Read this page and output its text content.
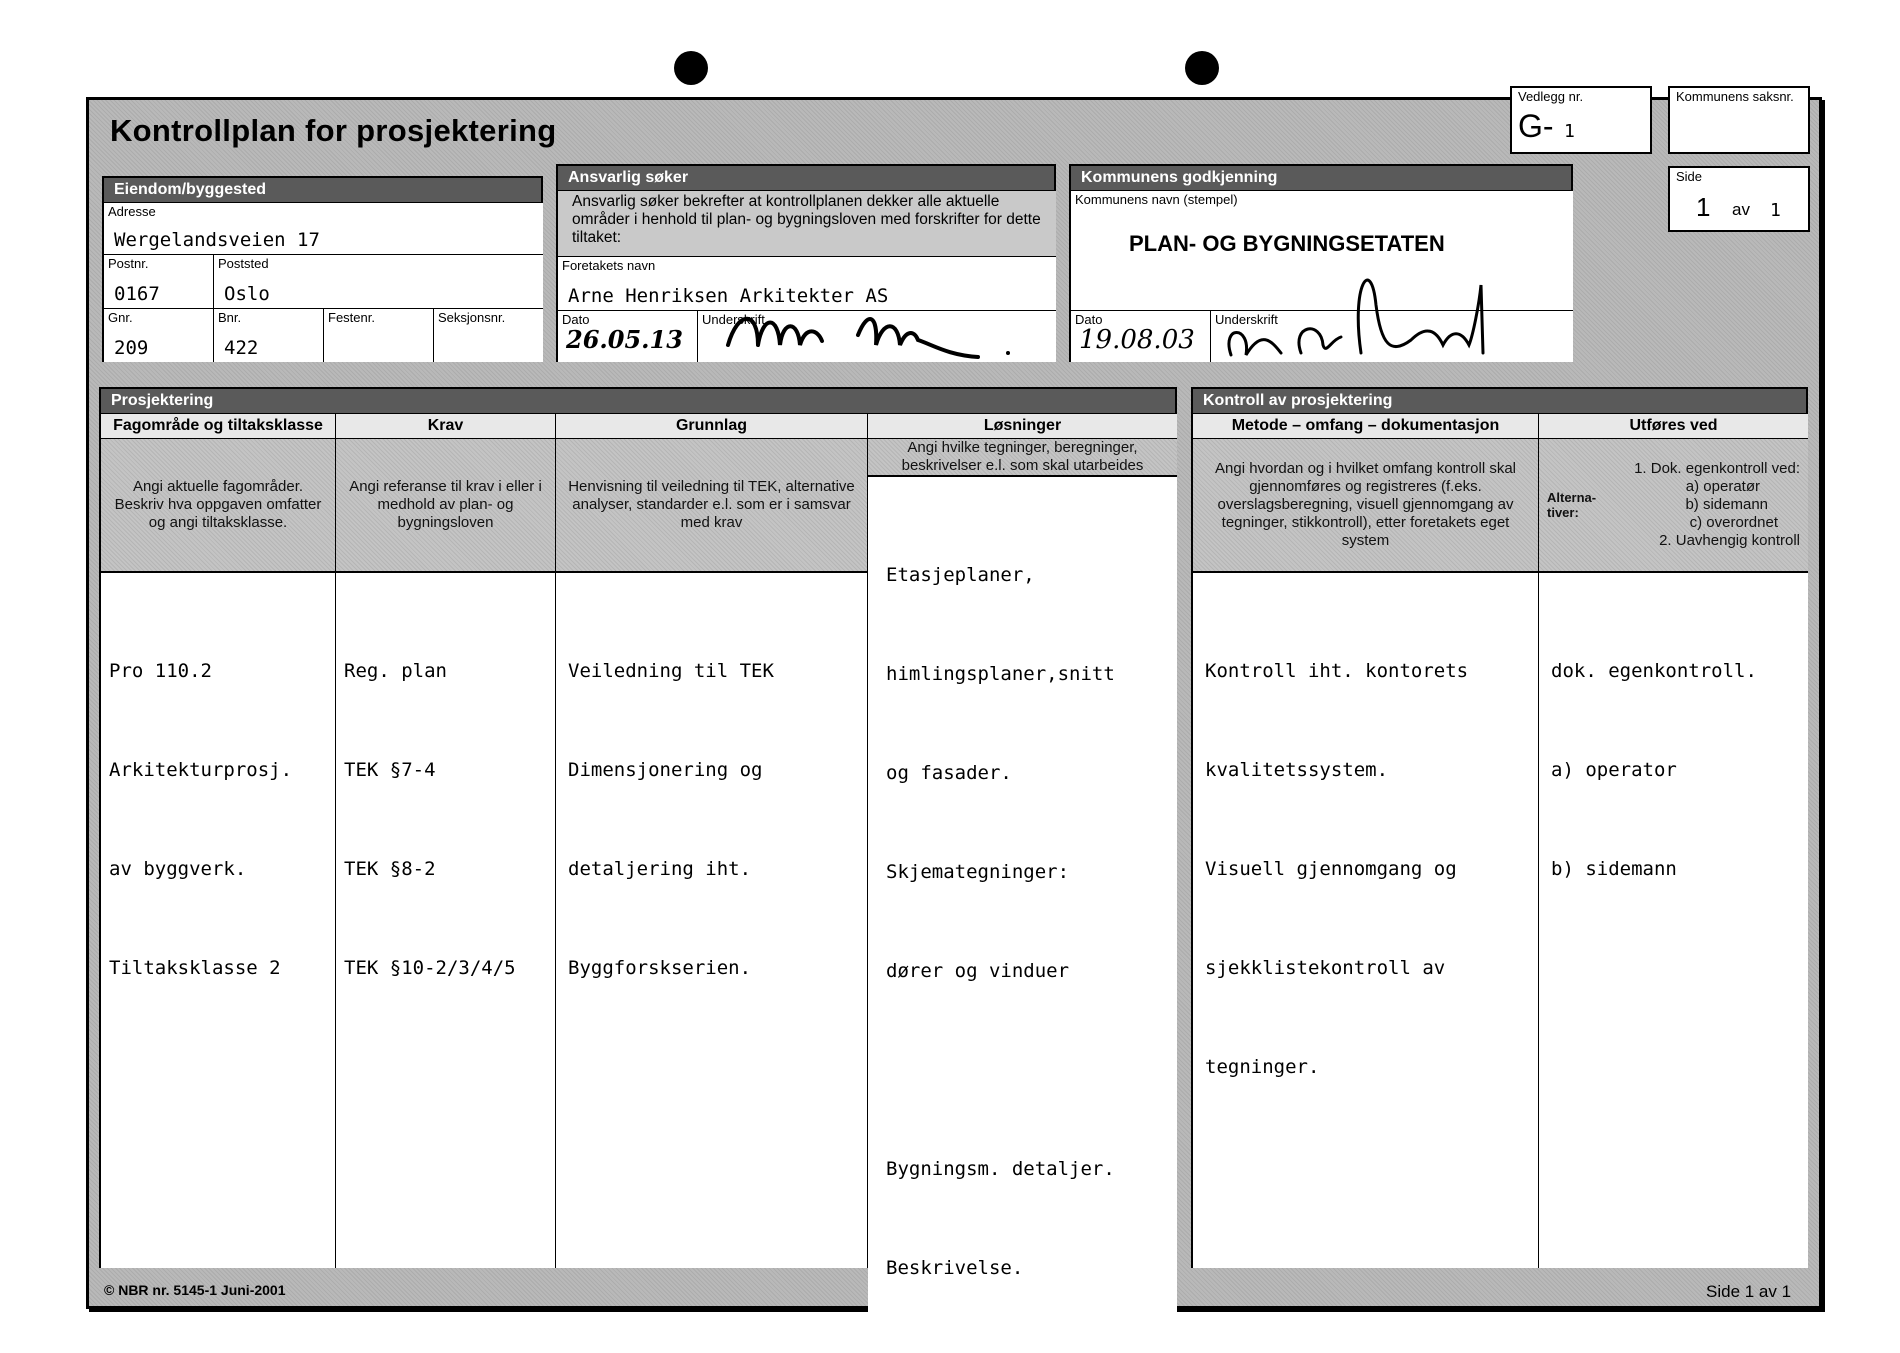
Kontrollplan for prosjektering
Vedlegg nr.
G- 1
Kommunens saksnr.
Side
1 av 1
Eiendom/byggested
Adresse
Wergelandsveien 17
Postnr.
0167
Poststed
Oslo
Gnr.
209
Bnr.
422
Festenr.	Seksjonsnr.
Ansvarlig søker
Ansvarlig søker bekrefter at kontrollplanen dekker alle aktuelle områder i henhold til plan- og bygningsloven med forskrifter for dette tiltaket:
Foretakets navn
Arne Henriksen Arkitekter AS
Dato
26.05.13
Underskrift
Kommunens godkjenning
Kommunens navn (stempel)
PLAN- OG BYGNINGSETATEN
Dato
19.08.03
Underskrift
Prosjektering
Fagområde og tiltaksklasse
Angi aktuelle fagområder. Beskriv hva oppgaven omfatter og angi tiltaksklasse.

Pro 110.2

Arkitekturprosj.

av byggverk.

Tiltaksklasse 2

Krav
Angi referanse til krav i eller i medhold av plan- og bygningsloven

Reg. plan

TEK §7-4

TEK §8-2

TEK §10-2/3/4/5

Grunnlag
Henvisning til veiledning til TEK, alternative analyser, standarder e.l. som er i samsvar med krav

Veiledning til TEK

Dimensjonering og

detaljering iht.

Byggforskserien.

Løsninger
Angi hvilke tegninger, beregninger, beskrivelser e.l. som skal utarbeides

Etasjeplaner,

himlingsplaner,snitt

og fasader.

Skjemategninger:

dører og vinduer

Bygningsm. detaljer.

Beskrivelse.

Kontroll av prosjektering
Metode – omfang – dokumentasjon
Angi hvordan og i hvilket omfang kontroll skal gjennomføres og registreres (f.eks. overslagsberegning, visuell gjennomgang av tegninger, stikkontroll), etter foretakets eget system

Kontroll iht. kontorets

kvalitetssystem.

Visuell gjennomgang og

sjekklistekontroll av

tegninger.

Utføres ved
Alterna- tiver:
1. Dok. egenkontroll ved:
a) operatør
b) sidemann
c) overordnet
2. Uavhengig kontroll

dok. egenkontroll.

a) operator

b) sidemann

© NBR nr. 5145-1 Juni-2001	Side 1 av 1
